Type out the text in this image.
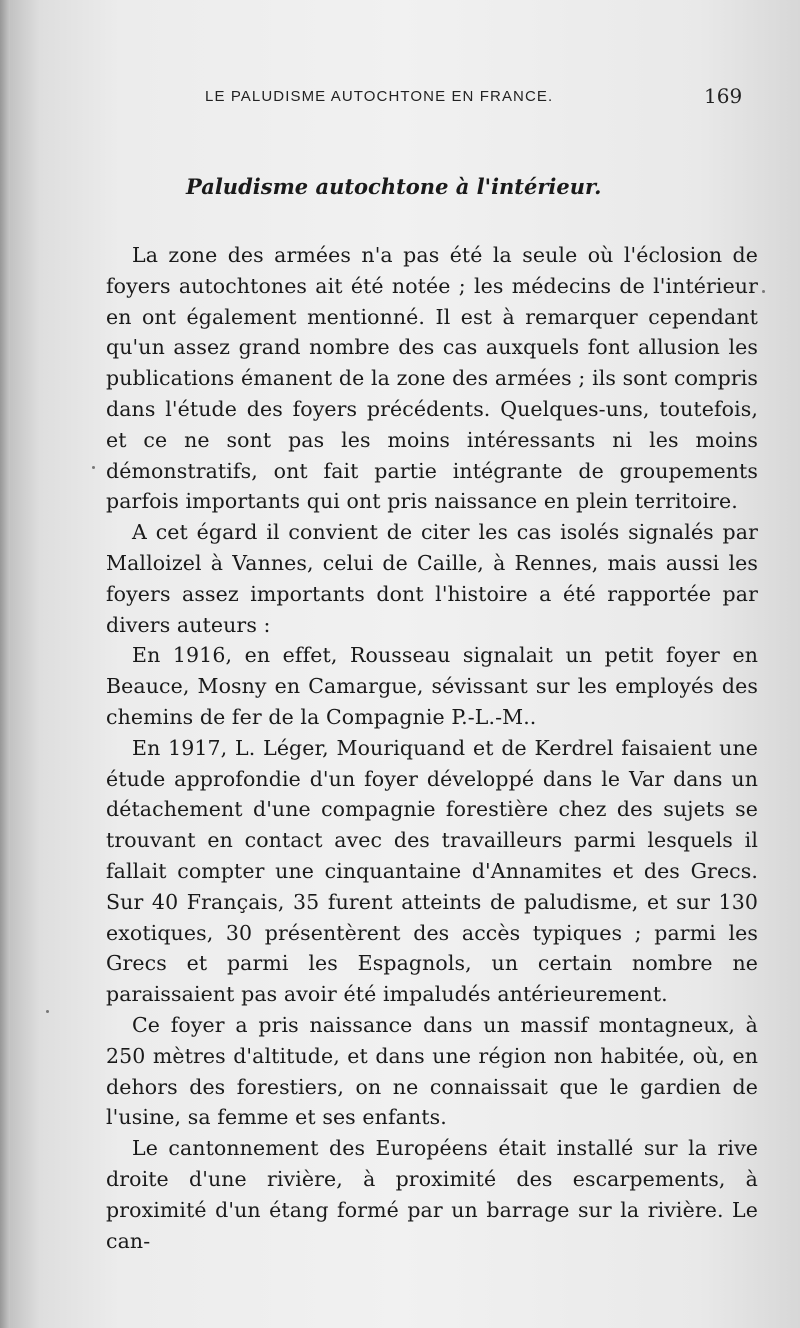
LE PALUDISME AUTOCHTONE EN FRANCE.	169
Paludisme autochtone à l'intérieur.

La zone des armées n'a pas été la seule où l'éclosion de foyers autochtones ait été notée ; les médecins de l'intérieur en ont également mentionné. Il est à remarquer cependant qu'un assez grand nombre des cas auxquels font allusion les publications émanent de la zone des armées ; ils sont compris dans l'étude des foyers précédents. Quelques-uns, toutefois, et ce ne sont pas les moins intéressants ni les moins démonstratifs, ont fait partie intégrante de groupements parfois importants qui ont pris naissance en plein territoire.

A cet égard il convient de citer les cas isolés signalés par Malloizel à Vannes, celui de Caille, à Rennes, mais aussi les foyers assez importants dont l'histoire a été rapportée par divers auteurs :

En 1916, en effet, Rousseau signalait un petit foyer en Beauce, Mosny en Camargue, sévissant sur les employés des chemins de fer de la Compagnie P.-L.-M..

En 1917, L. Léger, Mouriquand et de Kerdrel faisaient une étude approfondie d'un foyer développé dans le Var dans un détachement d'une compagnie forestière chez des sujets se trouvant en contact avec des travailleurs parmi lesquels il fallait compter une cinquantaine d'Annamites et des Grecs. Sur 40 Français, 35 furent atteints de paludisme, et sur 130 exotiques, 30 présentèrent des accès typiques ; parmi les Grecs et parmi les Espagnols, un certain nombre ne paraissaient pas avoir été impaludés antérieurement.

Ce foyer a pris naissance dans un massif montagneux, à 250 mètres d'altitude, et dans une région non habitée, où, en dehors des forestiers, on ne connaissait que le gardien de l'usine, sa femme et ses enfants.

Le cantonnement des Européens était installé sur la rive droite d'une rivière, à proximité des escarpements, à proximité d'un étang formé par un barrage sur la rivière. Le can-
